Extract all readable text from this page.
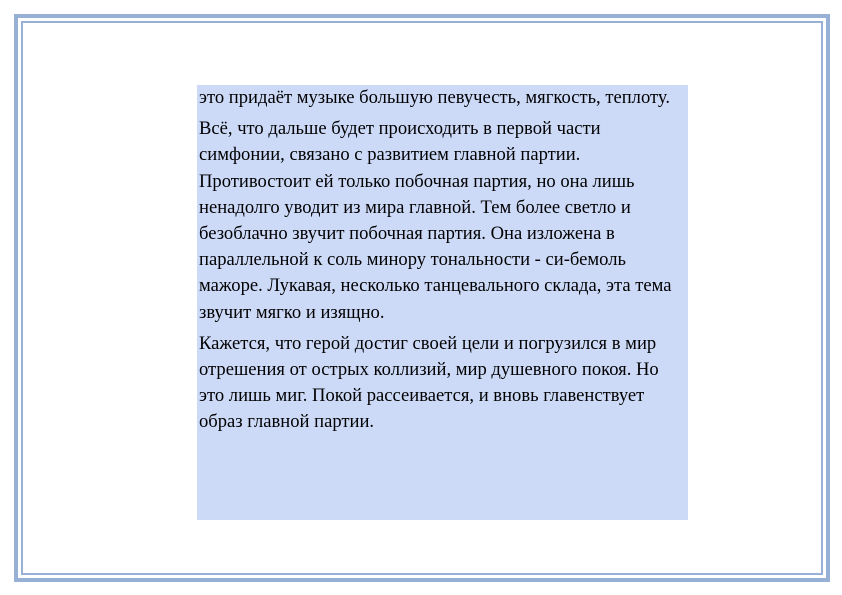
это придаёт музыке большую певучесть, мягкость, теплоту.

Всё, что дальше будет происходить в первой части симфонии, связано с развитием главной партии. Противостоит ей только побочная партия, но она лишь ненадолго уводит из мира главной. Тем более светло и безоблачно звучит побочная партия. Она изложена в параллельной к соль минору тональности - си-бемоль мажоре. Лукавая, несколько танцевального склада, эта тема звучит мягко и изящно.

Кажется, что герой достиг своей цели и погрузился в мир отрешения от острых коллизий, мир душевного покоя. Но это лишь миг. Покой рассеивается, и вновь главенствует образ главной партии.
